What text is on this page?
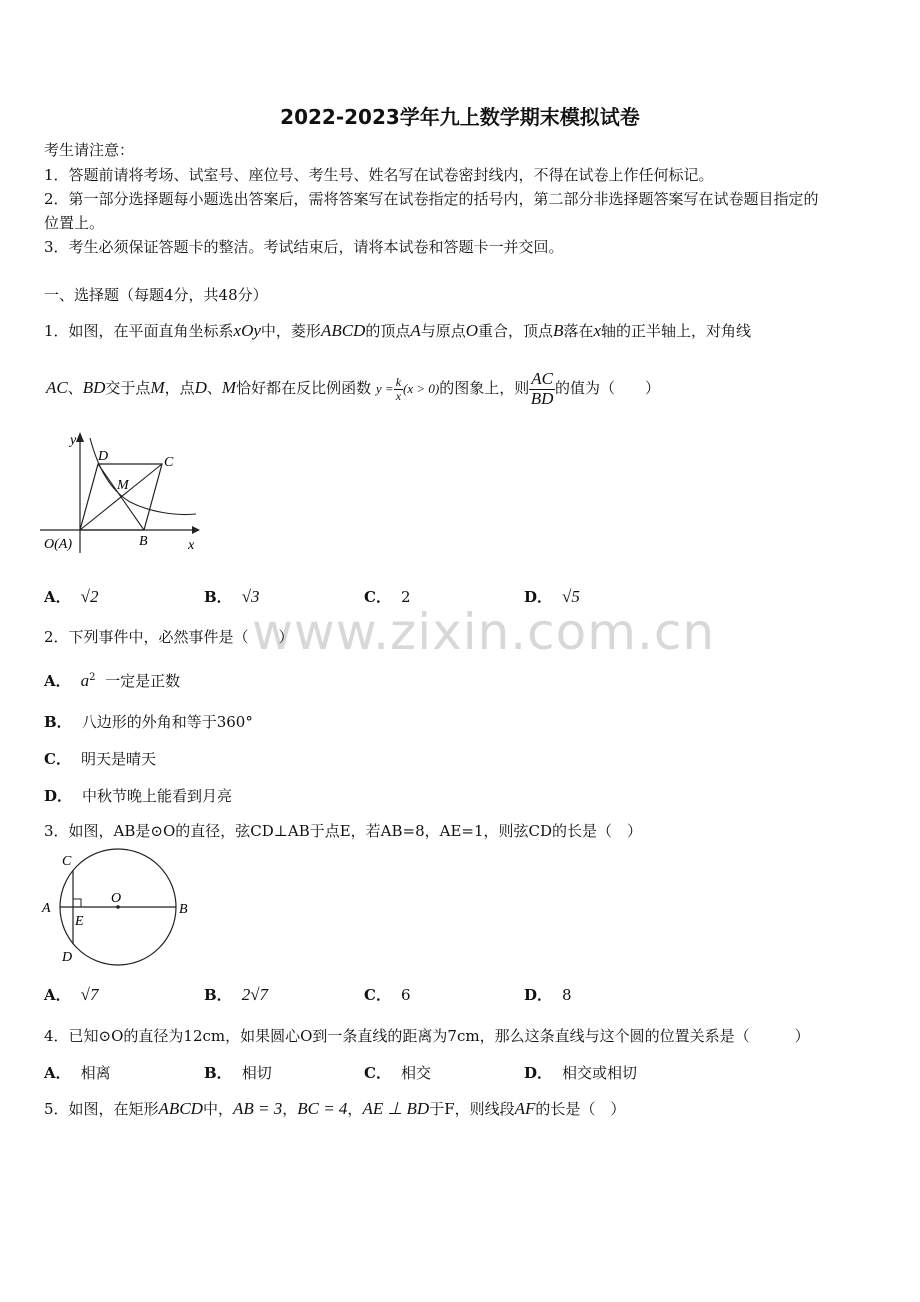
www.zixin.com.cn
2022-2023学年九上数学期末模拟试卷
考生请注意：
1．答题前请将考场、试室号、座位号、考生号、姓名写在试卷密封线内，不得在试卷上作任何标记。
2．第一部分选择题每小题选出答案后，需将答案写在试卷指定的括号内，第二部分非选择题答案写在试卷题目指定的
位置上。
3．考生必须保证答题卡的整洁。考试结束后，请将本试卷和答题卡一并交回。
一、选择题（每题4分，共48分）
1．如图，在平面直角坐标系xOy中，菱形ABCD的顶点A与原点O重合，顶点B落在x轴的正半轴上，对角线
AC、BD交于点M，点D、M恰好都在反比例函数 $y = \frac{k}{x} (x > 0)$的图象上，则 $\frac{AC}{BD}$ 的值为（　　）
y
D	C
M
O(A)	B	x
A． √2	B． √3	C． 2	D． √5
2．下列事件中，必然事件是（　　）
A． $a^2$ 一定是正数
B． 八边形的外角和等于360°
C． 明天是晴天
D． 中秋节晚上能看到月亮
3．如图，AB是⊙O的直径，弦CD⊥AB于点E，若AB=8，AE=1，则弦CD的长是（　）
C
A
E
O
B
D
A． √7	B． 2√7	C． 6	D． 8
4．已知⊙O的直径为12cm，如果圆心O到一条直线的距离为7cm，那么这条直线与这个圆的位置关系是（　　　）
A． 相离	B． 相切	C． 相交	D． 相交或相切
5．如图，在矩形ABCD中，AB = 3，BC = 4，AE ⊥ BD于F，则线段AF的长是（　）
